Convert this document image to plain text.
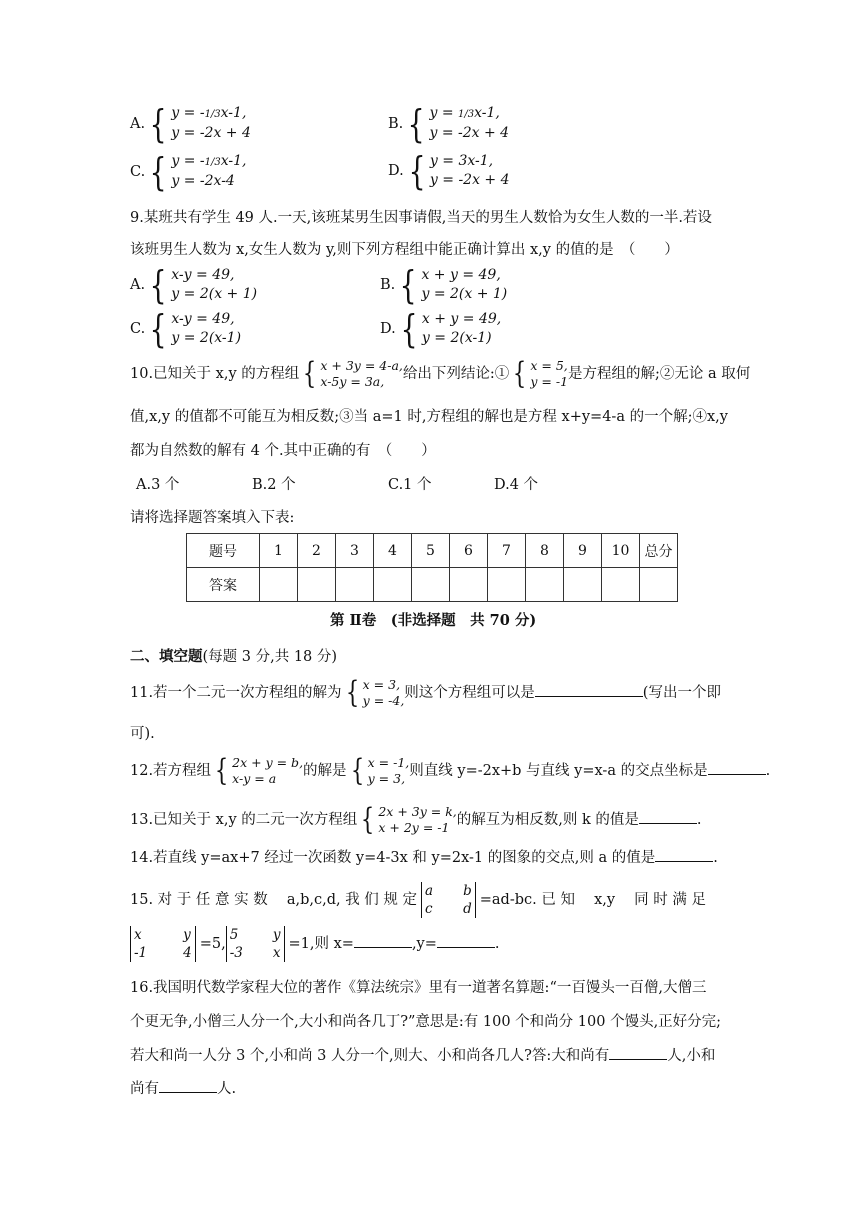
A. { y = -1/3x-1,
y = -2x + 4
B. { y = 1/3x-1,
y = -2x + 4
C. { y = -1/3x-1,
y = -2x-4
D. { y = 3x-1,
y = -2x + 4
9.某班共有学生 49 人.一天,该班某男生因事请假,当天的男生人数恰为女生人数的一半.若设
该班男生人数为 x,女生人数为 y,则下列方程组中能正确计算出 x,y 的值的是　（　　）
A. { x-y = 49,
y = 2(x + 1)
B. { x + y = 49,
y = 2(x + 1)
C. { x-y = 49,
y = 2(x-1)
D. { x + y = 49,
y = 2(x-1)
10.已知关于 x,y 的方程组 { x + 3y = 4-a,
x-5y = 3a,	给出下列结论:① { x = 5,
y = -1 是方程组的解;②无论 a 取何
值,x,y 的值都不可能互为相反数;③当 a=1 时,方程组的解也是方程 x+y=4-a 的一个解;④x,y
都为自然数的解有 4 个.其中正确的有　（　　）
A.3 个	B.2 个	C.1 个	D.4 个
请将选择题答案填入下表:
题号	1	2	3	4	5	6	7	8	9	10	总分
答案											
第 Ⅱ卷　(非选择题　共 70 分)
二、填空题(每题 3 分,共 18 分)
11.若一个二元一次方程组的解为 { x = 3,
y = -4, 则这个方程组可以是	(写出一个即
可).
12.若方程组 { 2x + y = b,
x-y = a	的解是 { x = -1,
y = 3, 则直线 y=-2x+b 与直线 y=x-a 的交点坐标是	.
13.已知关于 x,y 的二元一次方程组 { 2x + 3y = k,
x + 2y = -1 的解互为相反数,则 k 的值是	.
14.若直线 y=ax+7 经过一次函数 y=4-3x 和 y=2x-1 的图象的交点,则 a 的值是	.
15. 对 于 任 意 实 数 　a,b,c,d, 我 们 规 定
a
c
b
d
=ad-bc. 已 知 　x,y 　同 时 满 足
x
-1
y
4
=5,
5
-3
y
x
=1,则 x=	,y=	.
16.我国明代数学家程大位的著作《算法统宗》里有一道著名算题:“一百馒头一百僧,大僧三
个更无争,小僧三人分一个,大小和尚各几丁?”意思是:有 100 个和尚分 100 个馒头,正好分完;
若大和尚一人分 3 个,小和尚 3 人分一个,则大、小和尚各几人?答:大和尚有	人,小和
尚有	人.
